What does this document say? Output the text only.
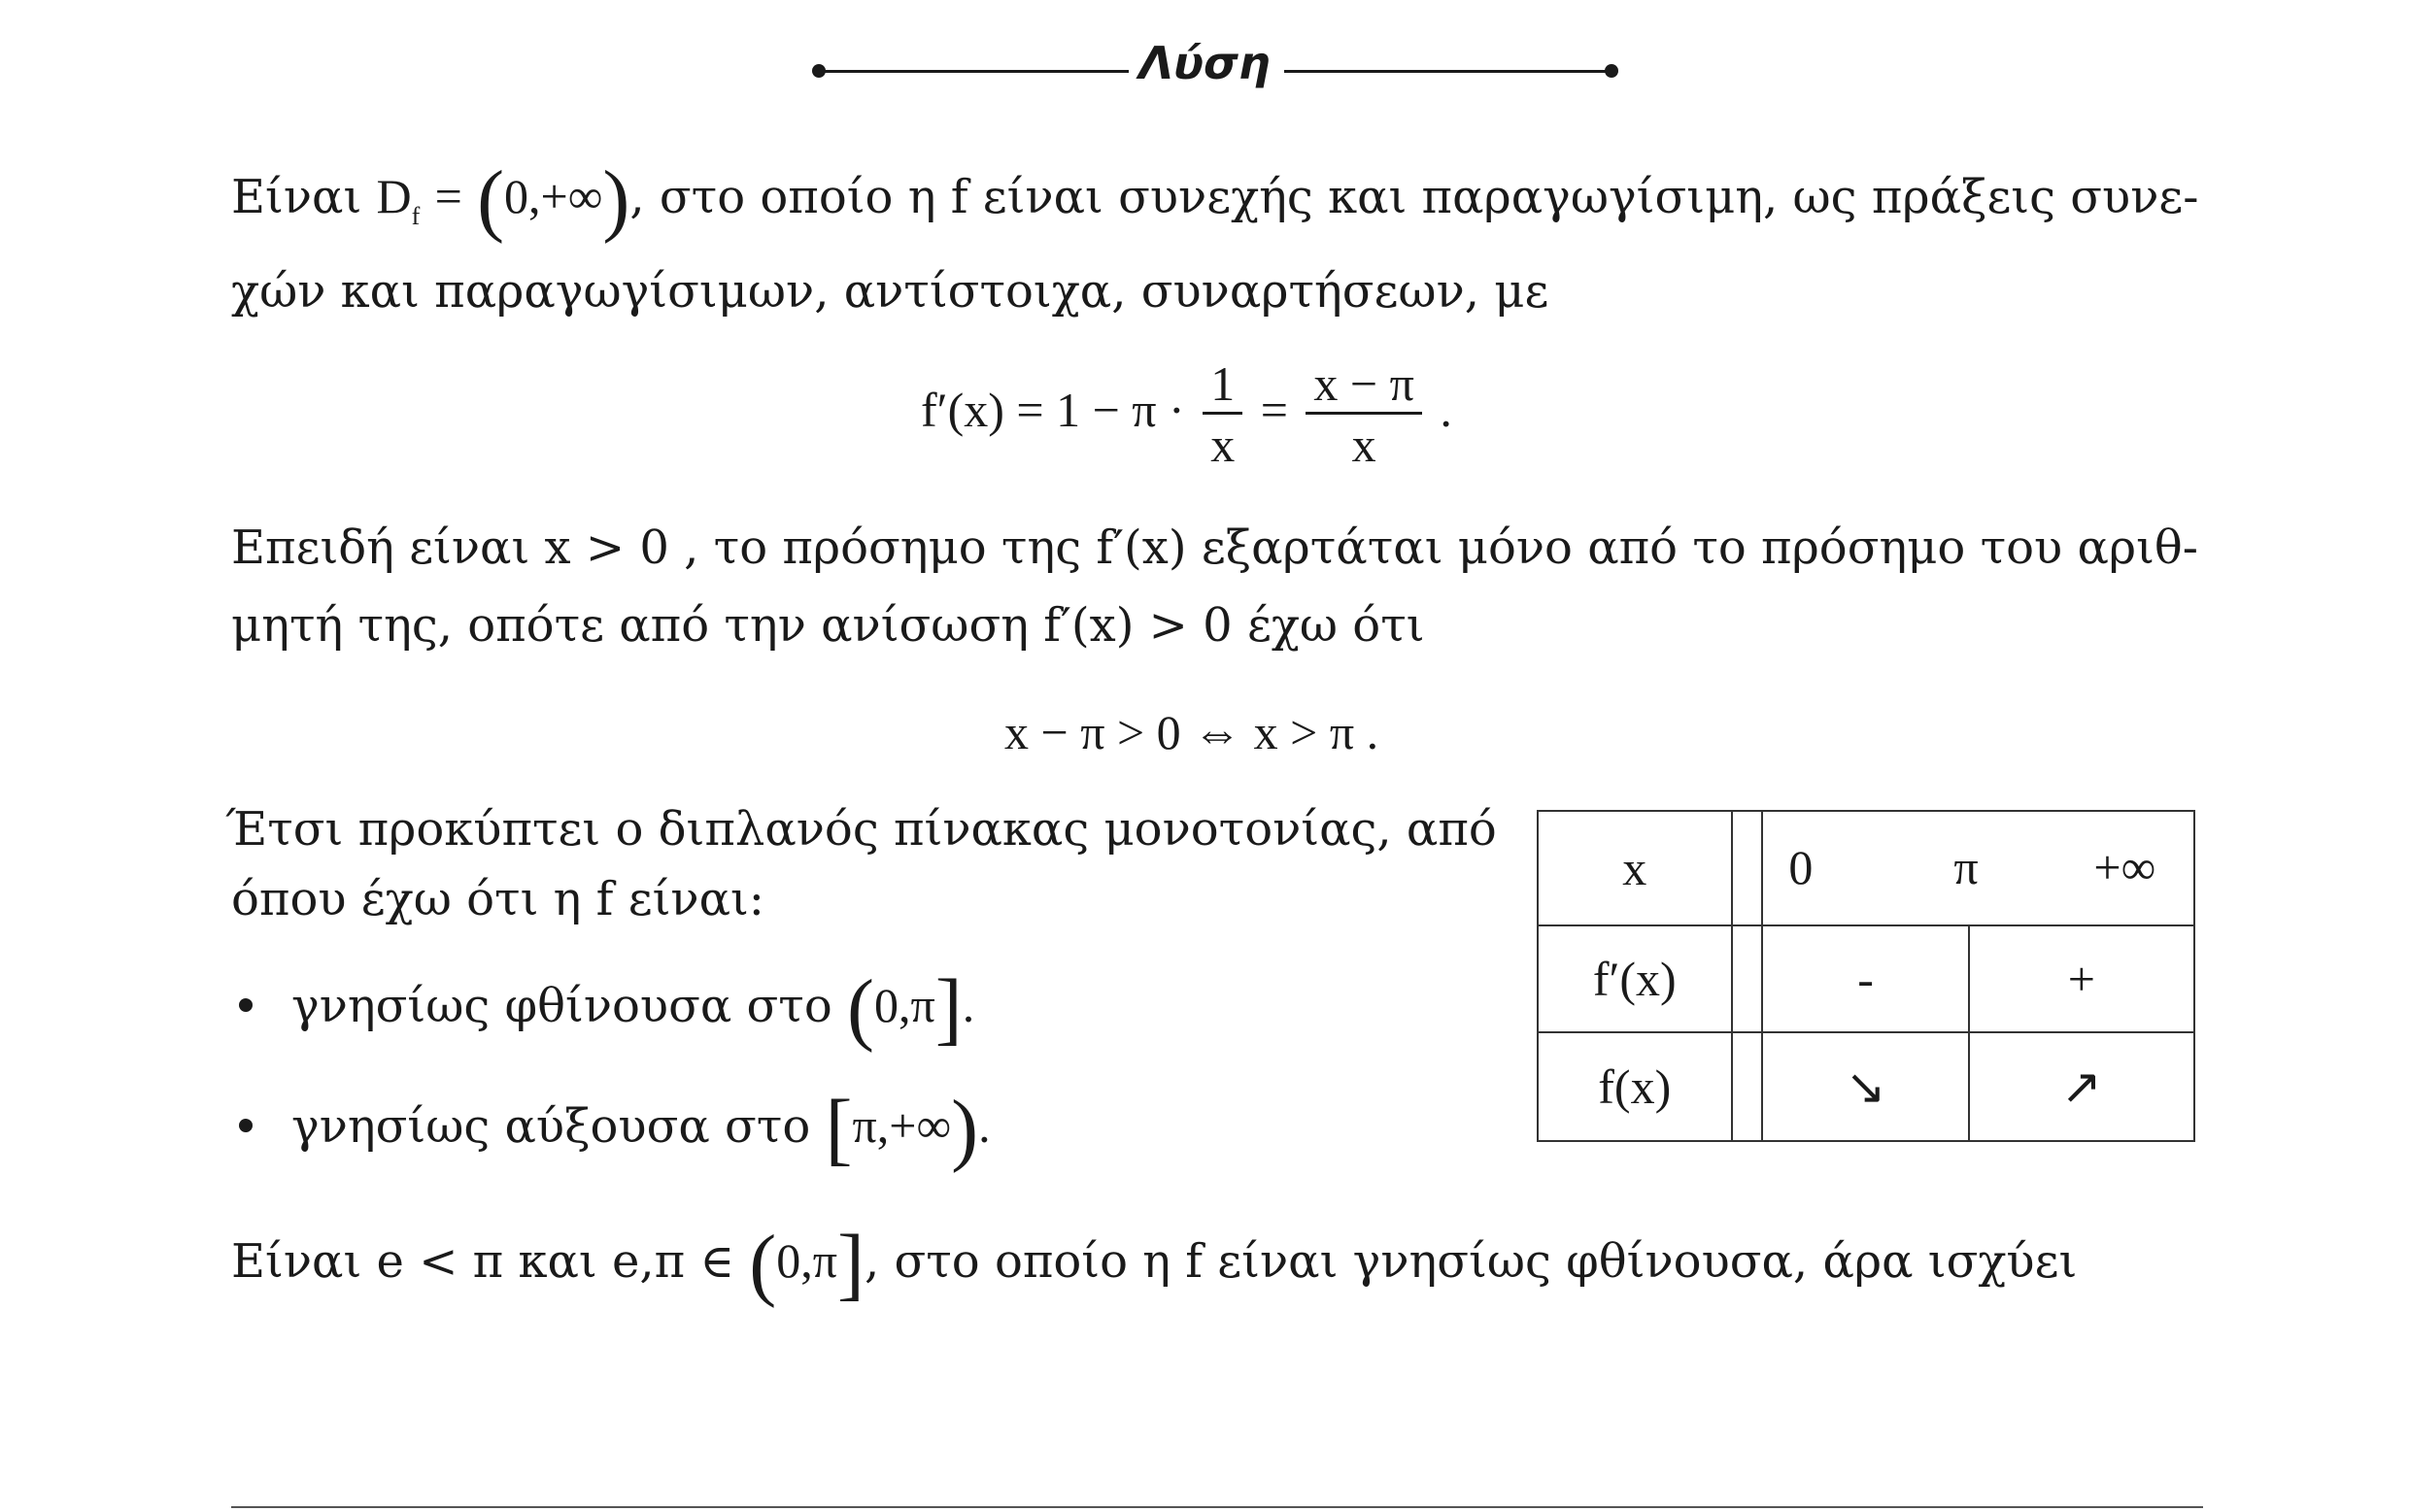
Λύση
Είναι $D_f = (0,+\infty)$, στο οποίο η f είναι συνεχής και παραγωγίσιμη, ως πράξεις συνε-
χών και παραγωγίσιμων, αντίστοιχα, συναρτήσεων, με
$f'(x) = 1 - \pi \cdot \frac{1}{x} = \frac{x - \pi}{x}$ .
Επειδή είναι x > 0 , το πρόσημο της f′(x) εξαρτάται μόνο από το πρόσημο του αριθ-
μητή της, οπότε από την ανίσωση f′(x) > 0 έχω ότι
x − π > 0 ⇔ x > π .
Έτσι προκύπτει ο διπλανός πίνακας μονοτονίας, από
όπου έχω ότι η f είναι:
γνησίως φθίνουσα στο (0,π].
γνησίως αύξουσα στο [π,+∞).
x		0 π +∞	

f′(x)		-	+
f(x)		↘	↗
Είναι e < π και e,π ∈ (0,π], στο οποίο η f είναι γνησίως φθίνουσα, άρα ισχύει
